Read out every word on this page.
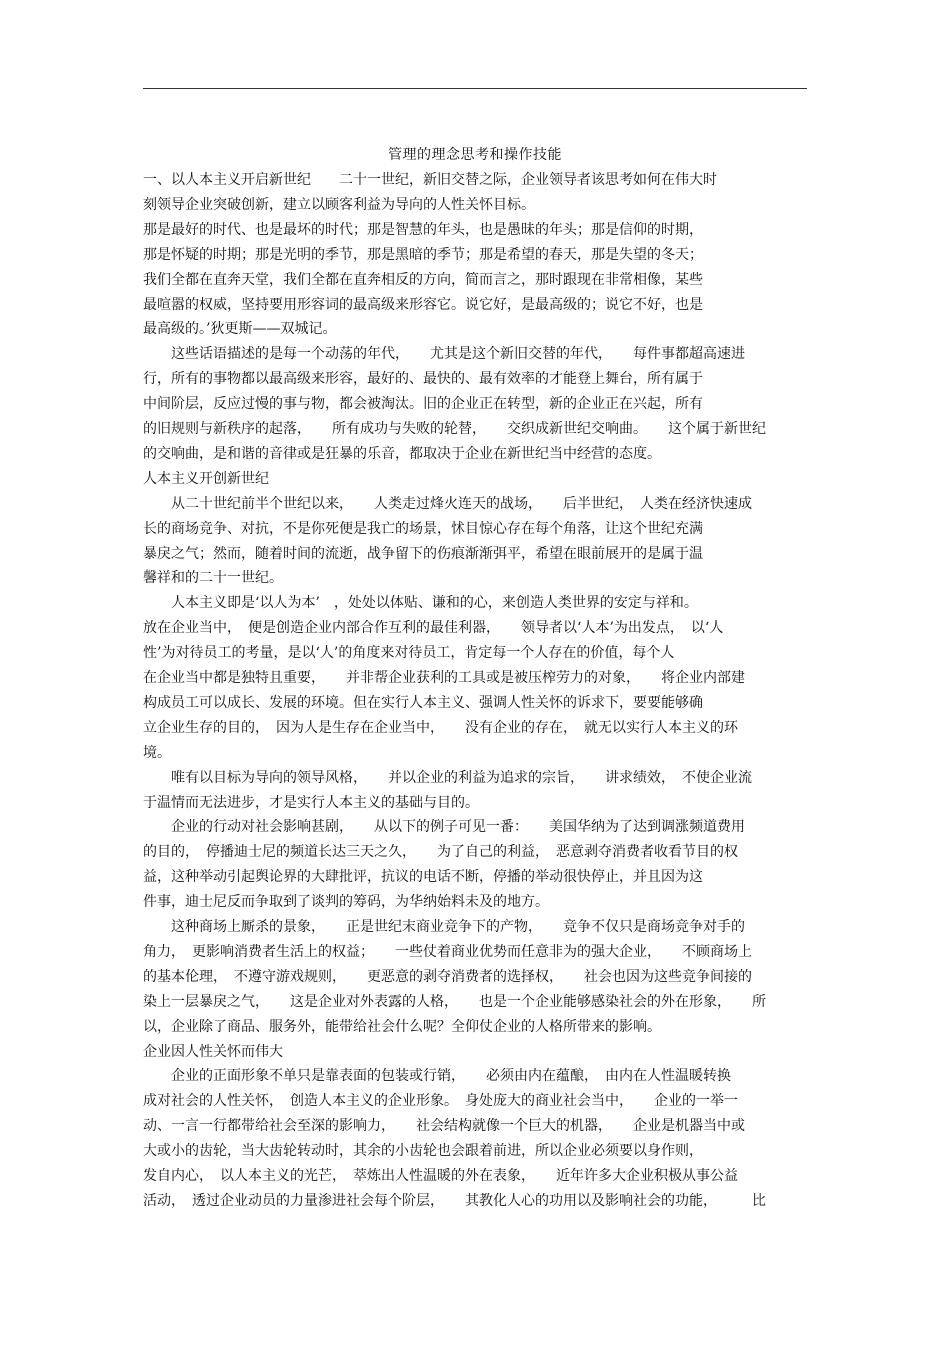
管理的理念思考和操作技能
一、以人本主义开启新世纪　　二十一世纪，新旧交替之际，企业领导者该思考如何在伟大时
刻领导企业突破创新，建立以顾客利益为导向的人性关怀目标。
那是最好的时代、也是最坏的时代；那是智慧的年头，也是愚昧的年头；那是信仰的时期，
那是怀疑的时期；那是光明的季节，那是黑暗的季节；那是希望的春天，那是失望的冬天；
我们全都在直奔天堂，我们全都在直奔相反的方向，简而言之，那时跟现在非常相像，某些
最喧嚣的权威，坚持要用形容词的最高级来形容它。说它好，是最高级的；说它不好，也是
最高级的。’狄更斯——双城记。
　　这些话语描述的是每一个动荡的年代，　　尤其是这个新旧交替的年代，　　每件事都超高速进
行，所有的事物都以最高级来形容，最好的、最快的、最有效率的才能登上舞台，所有属于
中间阶层，反应过慢的事与物，都会被淘汰。旧的企业正在转型，新的企业正在兴起，所有
的旧规则与新秩序的起落，　　所有成功与失败的轮替，　　交织成新世纪交响曲。　　这个属于新世纪
的交响曲，是和谐的音律或是狂暴的乐音，都取决于企业在新世纪当中经营的态度。
人本主义开创新世纪
　　从二十世纪前半个世纪以来，　　人类走过烽火连天的战场，　　后半世纪，　人类在经济快速成
长的商场竞争、对抗，不是你死便是我亡的场景，怵目惊心存在每个角落，让这个世纪充满
暴戾之气；然而，随着时间的流逝，战争留下的伤痕渐渐弭平，希望在眼前展开的是属于温
馨祥和的二十一世纪。
　　人本主义即是‘以人为本’　，处处以体贴、谦和的心，来创造人类世界的安定与祥和。
放在企业当中，　便是创造企业内部合作互利的最佳利器，　　领导者以‘人本’为出发点，　以‘人
性’为对待员工的考量，是以‘人’的角度来对待员工，肯定每一个人存在的价值，每个人
在企业当中都是独特且重要，　　并非帮企业获利的工具或是被压榨劳力的对象，　　将企业内部建
构成员工可以成长、发展的环境。但在实行人本主义、强调人性关怀的诉求下，要要能够确
立企业生存的目的，　因为人是生存在企业当中，　　没有企业的存在，　就无以实行人本主义的环
境。
　　唯有以目标为导向的领导风格，　　并以企业的利益为追求的宗旨，　　讲求绩效，　不使企业流
于温情而无法进步，才是实行人本主义的基础与目的。
　　企业的行动对社会影响甚剧，　　从以下的例子可见一番：　　美国华纳为了达到调涨频道费用
的目的，　停播迪士尼的频道长达三天之久，　　为了自己的利益，　恶意剥夺消费者收看节目的权
益，这种举动引起舆论界的大肆批评，抗议的电话不断，停播的举动很快停止，并且因为这
件事，迪士尼反而争取到了谈判的筹码，为华纳始料未及的地方。
　　这种商场上厮杀的景象，　　正是世纪末商业竞争下的产物，　　竞争不仅只是商场竞争对手的
角力，　更影响消费者生活上的权益；　　一些仗着商业优势而任意非为的强大企业，　　不顾商场上
的基本伦理，　不遵守游戏规则，　　更恶意的剥夺消费者的选择权，　　社会也因为这些竞争间接的
染上一层暴戾之气，　　这是企业对外表露的人格，　　也是一个企业能够感染社会的外在形象，　　所
以，企业除了商品、服务外，能带给社会什么呢？全仰仗企业的人格所带来的影响。
企业因人性关怀而伟大
　　企业的正面形象不单只是靠表面的包装或行销，　　必须由内在蕴酿，　由内在人性温暖转换
成对社会的人性关怀，　创造人本主义的企业形象。　身处庞大的商业社会当中，　　企业的一举一
动、一言一行都带给社会至深的影响力，　　社会结构就像一个巨大的机器，　　企业是机器当中或
大或小的齿轮，当大齿轮转动时，其余的小齿轮也会跟着前进，所以企业必须要以身作则，
发自内心，　以人本主义的光芒，　萃炼出人性温暖的外在表象，　　近年许多大企业积极从事公益
活动，　透过企业动员的力量渗进社会每个阶层，　　其教化人心的功用以及影响社会的功能，　　　比
